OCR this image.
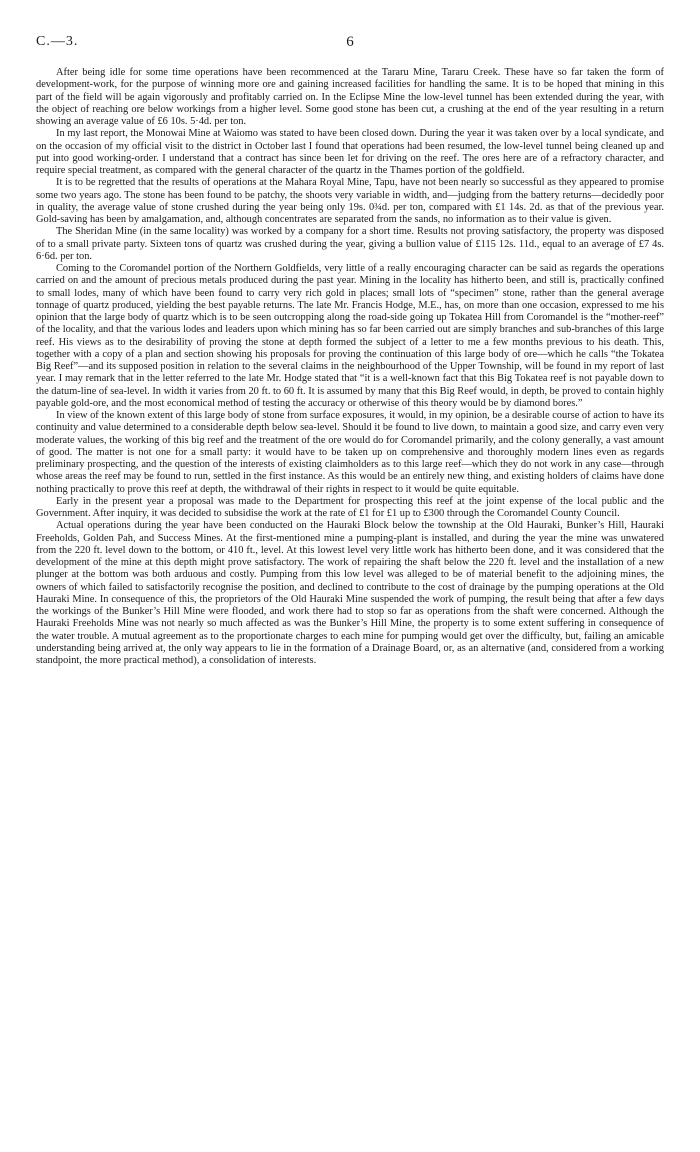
C.—3.	6

After being idle for some time operations have been recommenced at the Tararu Mine, Tararu Creek. These have so far taken the form of development-work, for the purpose of winning more ore and gaining increased facilities for handling the same. It is to be hoped that mining in this part of the field will be again vigorously and profitably carried on. In the Eclipse Mine the low-level tunnel has been extended during the year, with the object of reaching ore below workings from a higher level. Some good stone has been cut, a crushing at the end of the year resulting in a return showing an average value of £6 10s. 5·4d. per ton.

In my last report, the Monowai Mine at Waiomo was stated to have been closed down. During the year it was taken over by a local syndicate, and on the occasion of my official visit to the district in October last I found that operations had been resumed, the low-level tunnel being cleaned up and put into good working-order. I understand that a contract has since been let for driving on the reef. The ores here are of a refractory character, and require special treatment, as compared with the general character of the quartz in the Thames portion of the goldfield.

It is to be regretted that the results of operations at the Mahara Royal Mine, Tapu, have not been nearly so successful as they appeared to promise some two years ago. The stone has been found to be patchy, the shoots very variable in width, and—judging from the battery returns—decidedly poor in quality, the average value of stone crushed during the year being only 19s. 0¾d. per ton, compared with £1 14s. 2d. as that of the previous year. Gold-saving has been by amalgamation, and, although concentrates are separated from the sands, no information as to their value is given.

The Sheridan Mine (in the same locality) was worked by a company for a short time. Results not proving satisfactory, the property was disposed of to a small private party. Sixteen tons of quartz was crushed during the year, giving a bullion value of £115 12s. 11d., equal to an average of £7 4s. 6·6d. per ton.

Coming to the Coromandel portion of the Northern Goldfields, very little of a really encouraging character can be said as regards the operations carried on and the amount of precious metals produced during the past year. Mining in the locality has hitherto been, and still is, practically confined to small lodes, many of which have been found to carry very rich gold in places; small lots of “specimen” stone, rather than the general average tonnage of quartz produced, yielding the best payable returns. The late Mr. Francis Hodge, M.E., has, on more than one occasion, expressed to me his opinion that the large body of quartz which is to be seen outcropping along the road-side going up Tokatea Hill from Coromandel is the “mother-reef” of the locality, and that the various lodes and leaders upon which mining has so far been carried out are simply branches and sub-branches of this large reef. His views as to the desirability of proving the stone at depth formed the subject of a letter to me a few months previous to his death. This, together with a copy of a plan and section showing his proposals for proving the continuation of this large body of ore—which he calls “the Tokatea Big Reef”—and its supposed position in relation to the several claims in the neighbourhood of the Upper Township, will be found in my report of last year. I may remark that in the letter referred to the late Mr. Hodge stated that “it is a well-known fact that this Big Tokatea reef is not payable down to the datum-line of sea-level. In width it varies from 20 ft. to 60 ft. It is assumed by many that this Big Reef would, in depth, be proved to contain highly payable gold-ore, and the most economical method of testing the accuracy or otherwise of this theory would be by diamond bores.”

In view of the known extent of this large body of stone from surface exposures, it would, in my opinion, be a desirable course of action to have its continuity and value determined to a considerable depth below sea-level. Should it be found to live down, to maintain a good size, and carry even very moderate values, the working of this big reef and the treatment of the ore would do for Coromandel primarily, and the colony generally, a vast amount of good. The matter is not one for a small party: it would have to be taken up on comprehensive and thoroughly modern lines even as regards preliminary prospecting, and the question of the interests of existing claimholders as to this large reef—which they do not work in any case—through whose areas the reef may be found to run, settled in the first instance. As this would be an entirely new thing, and existing holders of claims have done nothing practically to prove this reef at depth, the withdrawal of their rights in respect to it would be quite equitable.

Early in the present year a proposal was made to the Department for prospecting this reef at the joint expense of the local public and the Government. After inquiry, it was decided to subsidise the work at the rate of £1 for £1 up to £300 through the Coromandel County Council.

Actual operations during the year have been conducted on the Hauraki Block below the township at the Old Hauraki, Bunker’s Hill, Hauraki Freeholds, Golden Pah, and Success Mines. At the first-mentioned mine a pumping-plant is installed, and during the year the mine was unwatered from the 220 ft. level down to the bottom, or 410 ft., level. At this lowest level very little work has hitherto been done, and it was considered that the development of the mine at this depth might prove satisfactory. The work of repairing the shaft below the 220 ft. level and the installation of a new plunger at the bottom was both arduous and costly. Pumping from this low level was alleged to be of material benefit to the adjoining mines, the owners of which failed to satisfactorily recognise the position, and declined to contribute to the cost of drainage by the pumping operations at the Old Hauraki Mine. In consequence of this, the proprietors of the Old Hauraki Mine suspended the work of pumping, the result being that after a few days the workings of the Bunker’s Hill Mine were flooded, and work there had to stop so far as operations from the shaft were concerned. Although the Hauraki Freeholds Mine was not nearly so much affected as was the Bunker’s Hill Mine, the property is to some extent suffering in consequence of the water trouble. A mutual agreement as to the proportionate charges to each mine for pumping would get over the difficulty, but, failing an amicable understanding being arrived at, the only way appears to lie in the formation of a Drainage Board, or, as an alternative (and, considered from a working standpoint, the more practical method), a consolidation of interests.
